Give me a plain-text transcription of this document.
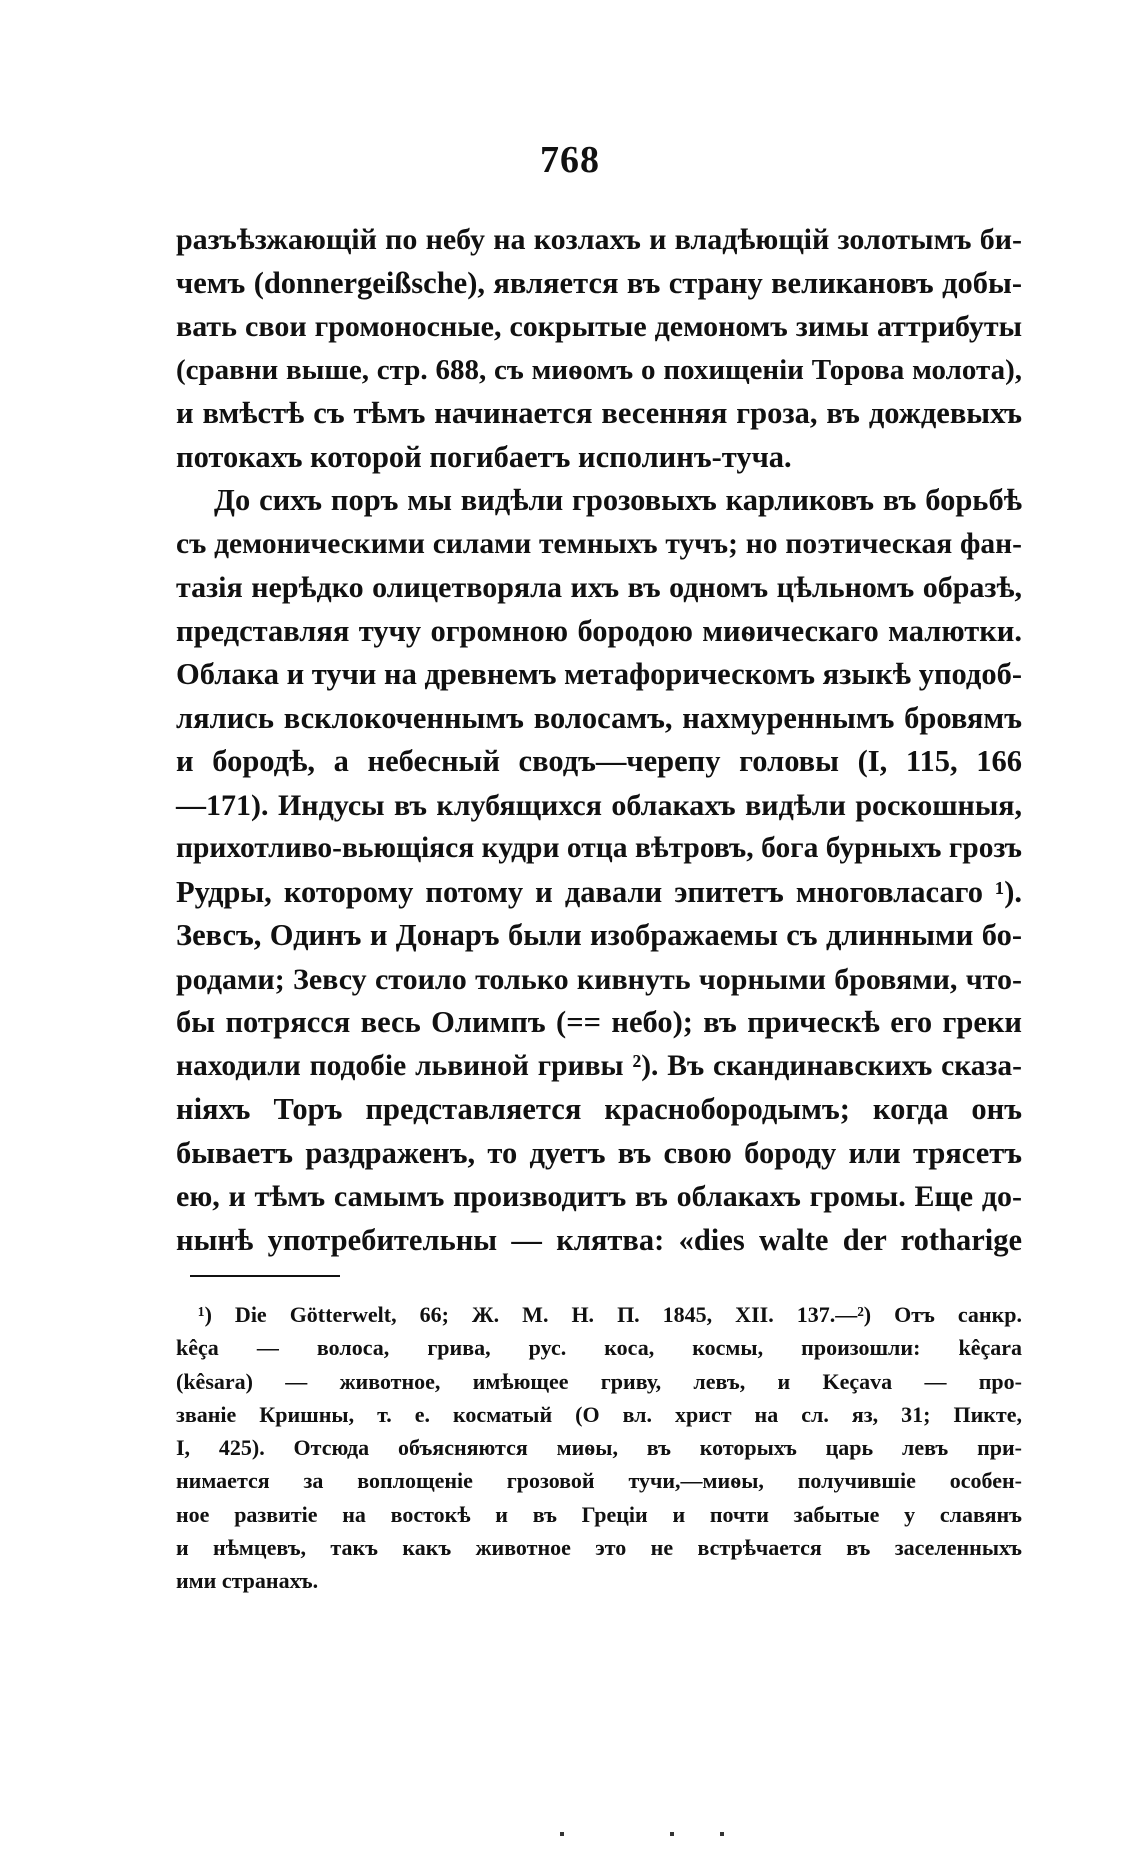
768
разъѣзжающій по небу на козлахъ и владѣющій золотымъ би-
чемъ (donnergeißsche), является въ страну великановъ добы-
вать свои громоносные, сокрытые демономъ зимы аттрибуты
(сравни выше, стр. 688, съ миѳомъ о похищеніи Торова молота),
и вмѣстѣ съ тѣмъ начинается весенняя гроза, въ дождевыхъ
потокахъ которой погибаетъ исполинъ-туча.
До сихъ поръ мы видѣли грозовыхъ карликовъ въ борьбѣ
съ демоническими силами темныхъ тучъ; но поэтическая фан-
тазія нерѣдко олицетворяла ихъ въ одномъ цѣльномъ образѣ,
представляя тучу огромною бородою миѳическаго малютки.
Облака и тучи на древнемъ метафорическомъ языкѣ уподоб-
лялись всклокоченнымъ волосамъ, нахмуреннымъ бровямъ
и бородѣ, а небесный сводъ—черепу головы (I, 115, 166
—171). Индусы въ клубящихся облакахъ видѣли роскошныя,
прихотливо-вьющіяся кудри отца вѣтровъ, бога бурныхъ грозъ
Рудры, которому потому и давали эпитетъ многовласаго ¹).
Зевсъ, Одинъ и Донаръ были изображаемы съ длинными бо-
родами; Зевсу стоило только кивнуть чорными бровями, что-
бы потрясся весь Олимпъ (== небо); въ прическѣ его греки
находили подобіе львиной гривы ²). Въ скандинавскихъ сказа-
ніяхъ Торъ представляется краснобородымъ; когда онъ
бываетъ раздраженъ, то дуетъ въ свою бороду или трясетъ
ею, и тѣмъ самымъ производитъ въ облакахъ громы. Еще до-
нынѣ употребительны — клятва: «dies walte der rotharige
¹) Die Götterwelt, 66; Ж. М. Н. П. 1845, XII. 137.—²) Отъ санкр.
kêça — волоса, грива, рус. коса, космы, произошли: kêçara
(kêsara) — животное, имѣющее гриву, левъ, и Keçava — про-
званіе Кришны, т. е. косматый (О вл. христ на сл. яз, 31; Пикте,
I, 425). Отсюда объясняются миѳы, въ которыхъ царь левъ при-
нимается за воплощеніе грозовой тучи,—миѳы, получившіе особен-
ное развитіе на востокѣ и въ Греціи и почти забытые у славянъ
и нѣмцевъ, такъ какъ животное это не встрѣчается въ заселенныхъ
ими странахъ.
